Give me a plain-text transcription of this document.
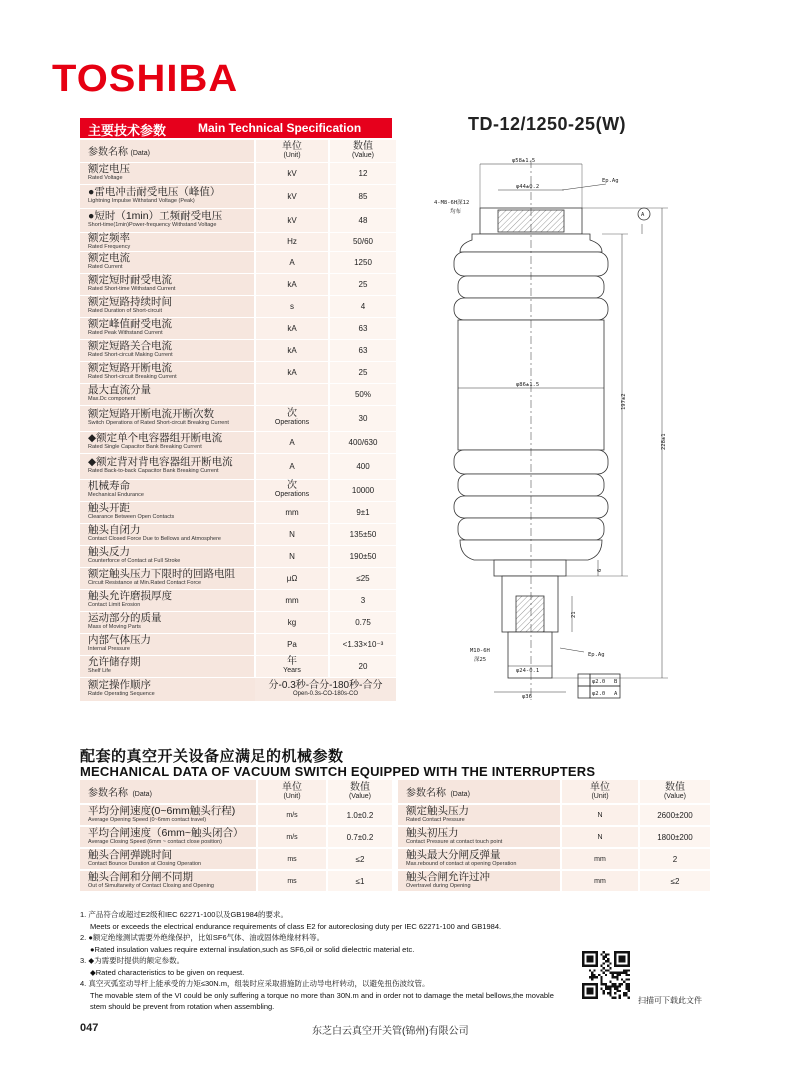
TOSHIBA
TD-12/1250-25(W)
主要技术参数	Main Technical Specification
参数名称 (Data)	单位
(Unit)	数值
(Value)

额定电压
Rated Voltage	kV	12

●雷电冲击耐受电压（峰值）
Lightning Impulse Withstand Voltage (Peak)	kV	85

●短时（1min）工频耐受电压
Short-time(1min)Power-frequency Withstand Voltage	kV	48

额定频率
Rated Frequency	Hz	50/60

额定电流
Rated Current	A	1250

额定短时耐受电流
Rated Short-time Withstand Current	kA	25

额定短路持续时间
Rated Duration of Short-circuit	s	4

额定峰值耐受电流
Rated Peak Withstand Current	kA	63

额定短路关合电流
Rated Short-circuit Making Current	kA	63

额定短路开断电流
Rated Short-circuit Breaking Current	kA	25

最大直流分量
Max.Dc component		50%

额定短路开断电流开断次数
Switch Operations of Rated Short-circuit Breaking Current	次
Operations	30

◆额定单个电容器组开断电流
Rated Single Capacitor Bank Breaking Current	A	400/630

◆额定背对背电容器组开断电流
Rated Back-to-back Capacitor Bank Breaking Current	A	400

机械寿命
Mechanical Endurance	次
Operations	10000

触头开距
Clearance Between Open Contacts	mm	9±1

触头自闭力
Contact Closed Force Due to Bellows and Atmosphere	N	135±50

触头反力
Counterforce of Contact at Full Stroke	N	190±50

额定触头压力下限时的回路电阻
Circuit Resistance at Min.Rated Contact Force	μΩ	≤25

触头允许磨损厚度
Contact Limit Erosion	mm	3

运动部分的质量
Mass of Moving Parts	kg	0.75

内部气体压力
Internal Pressure	Pa	<1.33×10⁻³

允许储存期
Shelf Life	年
Years	20

额定操作顺序
Ratde Operating Sequence	分-0.3秒-合分-180秒-合分
Open-0.3s-CO-180s-CO	
φ58±1.5
φ44±0.2
4-M8-6H深12
均布
Ep.Ag
A
φ86±1.5
197±2
228±1
6
21
M10-6H
深25
Ep.Ag
φ24-0.1
φ36
φ2.0 B
φ2.0 A
配套的真空开关设备应满足的机械参数
MECHANICAL DATA OF VACUUM SWITCH EQUIPPED WITH THE INTERRUPTERS
参数名称 (Data)	单位
(Unit)	数值
(Value)

平均分闸速度(0~6mm触头行程)
Average Opening Speed (0~6mm contact travel)	m/s	1.0±0.2

平均合闸速度（6mm~触头闭合）
Average Closing Speed (6mm ~ contact close position)	m/s	0.7±0.2

触头合闸弹跳时间
Contact Bounce Duration at Closing Operation	ms	≤2

触头合闸和分闸不同期
Out of Simultaneity of Contact Closing and Opening	ms	≤1
参数名称 (Data)	单位
(Unit)	数值
(Value)

额定触头压力
Rated Contact Pressure	N	2600±200

触头初压力
Contact Pressure at contact touch point	N	1800±200

触头最大分闸反弹量
Max.rebound of contact at opening Operation	mm	2

触头合闸允许过冲
Overtravel during Opening	mm	≤2
1. 产品符合或超过E2级和IEC 62271-100以及GB1984的要求。
Meets or exceeds the electrical endurance requirements of class E2 for autoreclosing duty per IEC 62271-100 and GB1984.
2. ●额定绝缘测试需要外绝缘保护，比如SF6气体、油或固体绝缘材料等。
●Rated insulation values require external insulation,such as SF6,oil or solid dielectric material etc.
3. ◆为需要时提供的额定参数。
◆Rated characteristics to be given on request.
4. 真空灭弧室动导杆上能承受的力矩≤30N.m，组装时应采取措施防止动导电杆转动，以避免扭伤波纹管。
The movable stem of the VI could be only suffering a torque no more than 30N.m and in order not to damage the metal bellows,the movable stem should be prevent from rotation when assembling.
扫描可下载此文件
047	东芝白云真空开关管(锦州)有限公司
